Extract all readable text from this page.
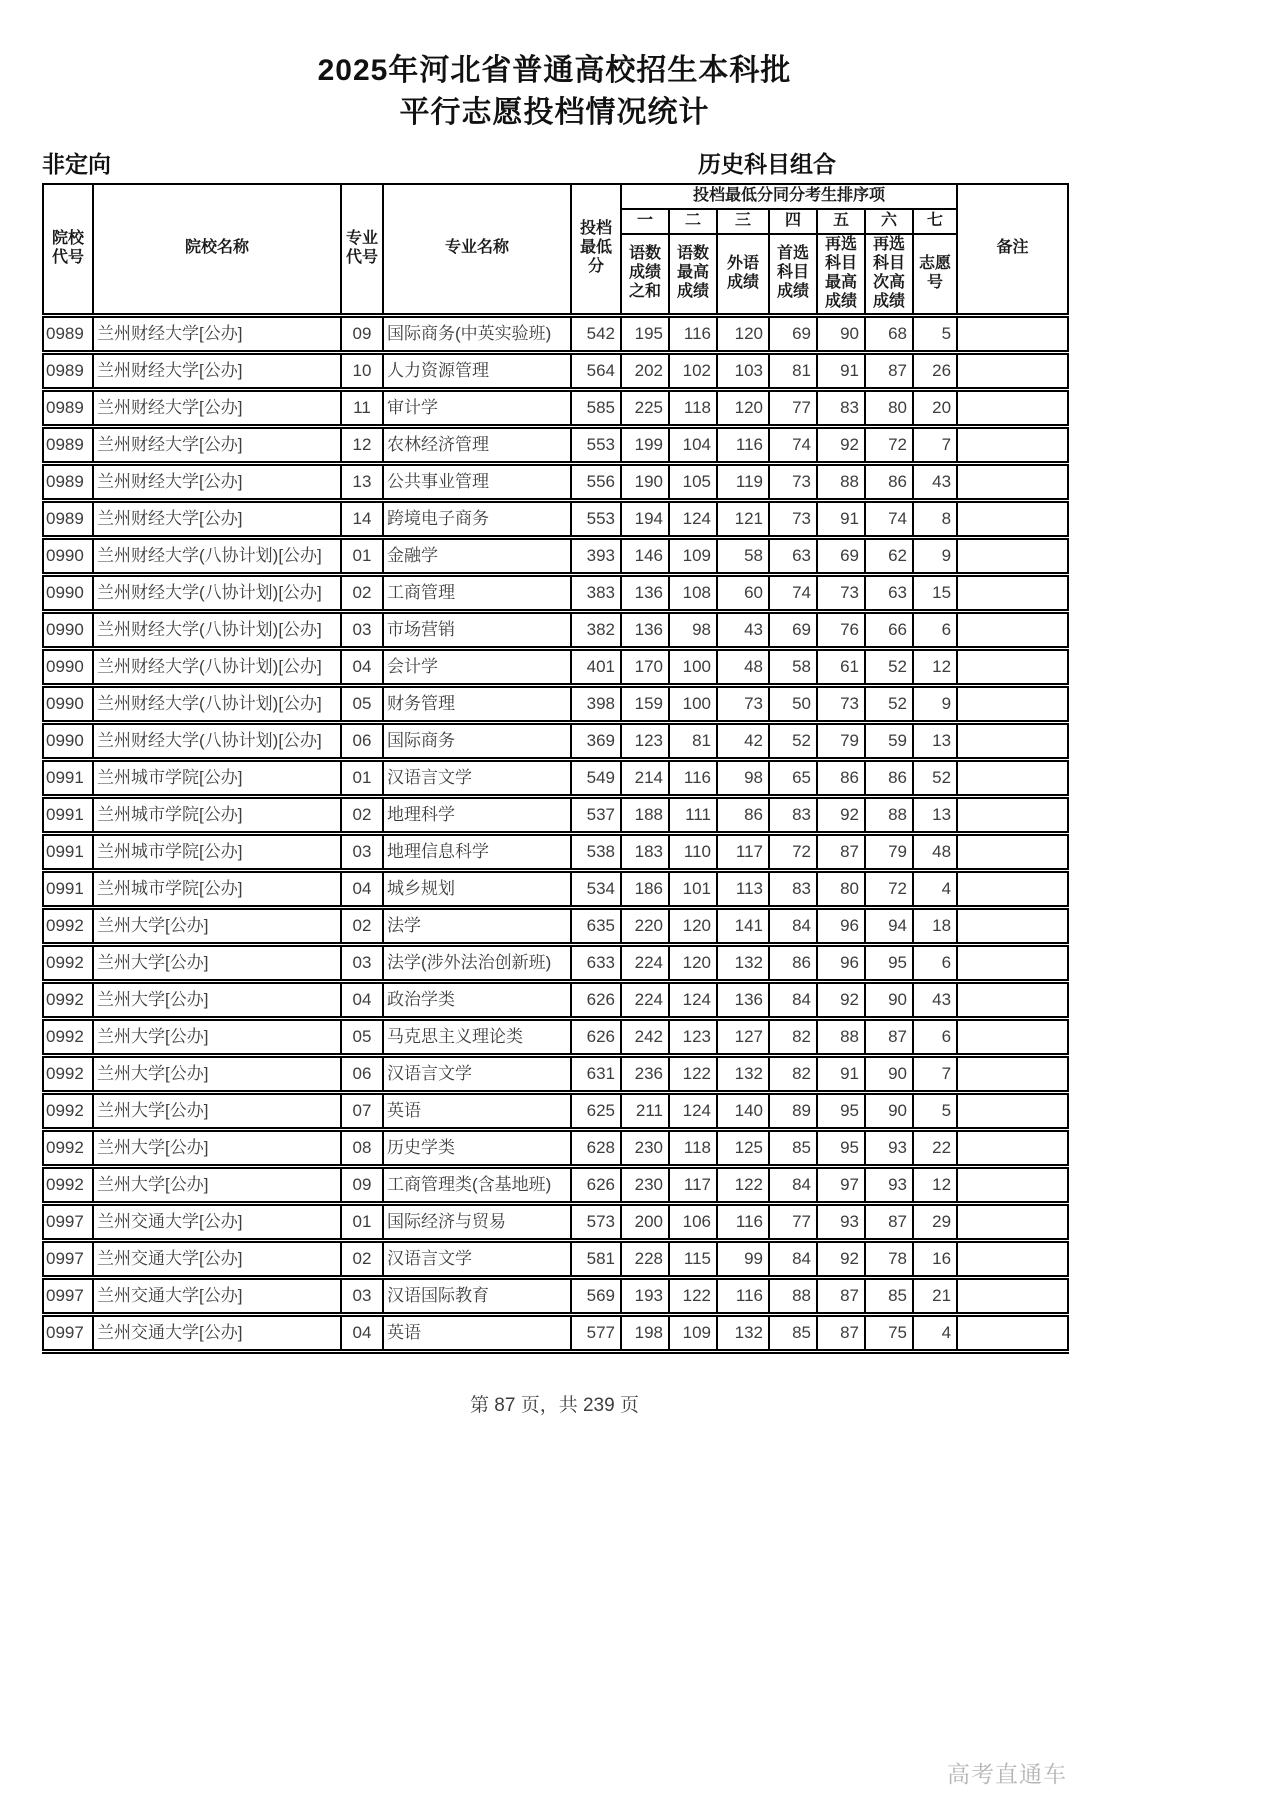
2025年河北省普通高校招生本科批
平行志愿投档情况统计
非定向	历史科目组合
院校代号	院校名称	专业代号	专业名称	投档最低分	投档最低分同分考生排序项							备注
					一	二	三	四	五	六	七	
					语数成绩之和	语数最高成绩	外语成绩	首选科目成绩	再选科目最高成绩	再选科目次高成绩	志愿号	
0989	兰州财经大学[公办]	09	国际商务(中英实验班)	542	195	116	120	69	90	68	5	
0989	兰州财经大学[公办]	10	人力资源管理	564	202	102	103	81	91	87	26	
0989	兰州财经大学[公办]	11	审计学	585	225	118	120	77	83	80	20	
0989	兰州财经大学[公办]	12	农林经济管理	553	199	104	116	74	92	72	7	
0989	兰州财经大学[公办]	13	公共事业管理	556	190	105	119	73	88	86	43	
0989	兰州财经大学[公办]	14	跨境电子商务	553	194	124	121	73	91	74	8	
0990	兰州财经大学(八协计划)[公办]	01	金融学	393	146	109	58	63	69	62	9	
0990	兰州财经大学(八协计划)[公办]	02	工商管理	383	136	108	60	74	73	63	15	
0990	兰州财经大学(八协计划)[公办]	03	市场营销	382	136	98	43	69	76	66	6	
0990	兰州财经大学(八协计划)[公办]	04	会计学	401	170	100	48	58	61	52	12	
0990	兰州财经大学(八协计划)[公办]	05	财务管理	398	159	100	73	50	73	52	9	
0990	兰州财经大学(八协计划)[公办]	06	国际商务	369	123	81	42	52	79	59	13	
0991	兰州城市学院[公办]	01	汉语言文学	549	214	116	98	65	86	86	52	
0991	兰州城市学院[公办]	02	地理科学	537	188	111	86	83	92	88	13	
0991	兰州城市学院[公办]	03	地理信息科学	538	183	110	117	72	87	79	48	
0991	兰州城市学院[公办]	04	城乡规划	534	186	101	113	83	80	72	4	
0992	兰州大学[公办]	02	法学	635	220	120	141	84	96	94	18	
0992	兰州大学[公办]	03	法学(涉外法治创新班)	633	224	120	132	86	96	95	6	
0992	兰州大学[公办]	04	政治学类	626	224	124	136	84	92	90	43	
0992	兰州大学[公办]	05	马克思主义理论类	626	242	123	127	82	88	87	6	
0992	兰州大学[公办]	06	汉语言文学	631	236	122	132	82	91	90	7	
0992	兰州大学[公办]	07	英语	625	211	124	140	89	95	90	5	
0992	兰州大学[公办]	08	历史学类	628	230	118	125	85	95	93	22	
0992	兰州大学[公办]	09	工商管理类(含基地班)	626	230	117	122	84	97	93	12	
0997	兰州交通大学[公办]	01	国际经济与贸易	573	200	106	116	77	93	87	29	
0997	兰州交通大学[公办]	02	汉语言文学	581	228	115	99	84	92	78	16	
0997	兰州交通大学[公办]	03	汉语国际教育	569	193	122	116	88	87	85	21	
0997	兰州交通大学[公办]	04	英语	577	198	109	132	85	87	75	4	
第 87 页，共 239 页
高考直通车
